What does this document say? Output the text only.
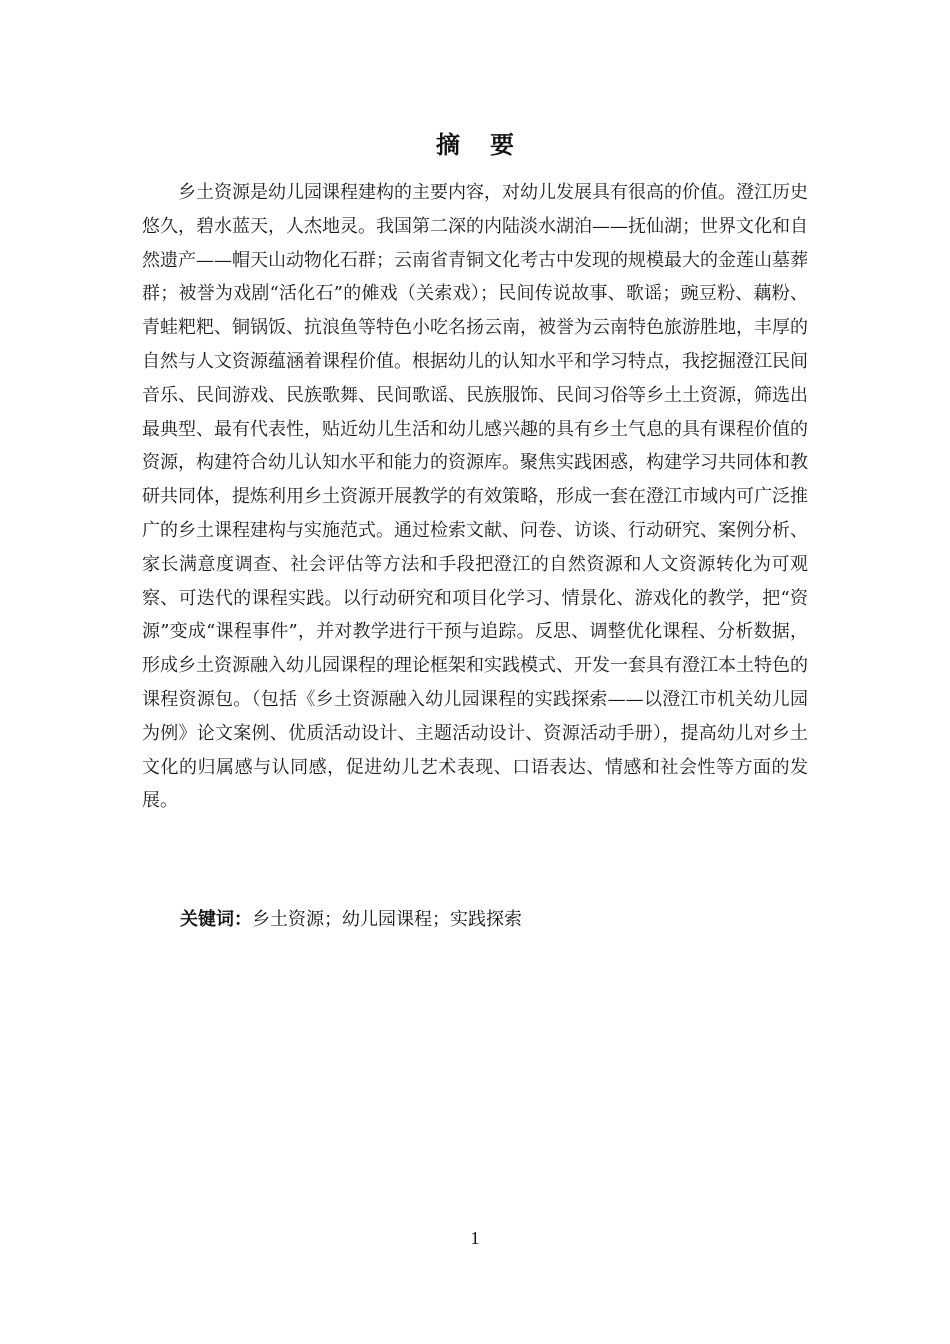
摘要

乡土资源是幼儿园课程建构的主要内容，对幼儿发展具有很高的价值。澄江历史悠久，碧水蓝天，人杰地灵。我国第二深的内陆淡水湖泊——抚仙湖；世界文化和自然遗产——帽天山动物化石群；云南省青铜文化考古中发现的规模最大的金莲山墓葬群；被誉为戏剧“活化石”的傩戏（关索戏）；民间传说故事、歌谣；豌豆粉、藕粉、青蛙粑粑、铜锅饭、抗浪鱼等特色小吃名扬云南，被誉为云南特色旅游胜地，丰厚的自然与人文资源蕴涵着课程价值。根据幼儿的认知水平和学习特点，我挖掘澄江民间音乐、民间游戏、民族歌舞、民间歌谣、民族服饰、民间习俗等乡土土资源，筛选出最典型、最有代表性，贴近幼儿生活和幼儿感兴趣的具有乡土气息的具有课程价值的资源，构建符合幼儿认知水平和能力的资源库。聚焦实践困惑，构建学习共同体和教研共同体，提炼利用乡土资源开展教学的有效策略，形成一套在澄江市域内可广泛推广的乡土课程建构与实施范式。通过检索文献、问卷、访谈、行动研究、案例分析、家长满意度调查、社会评估等方法和手段把澄江的自然资源和人文资源转化为可观察、可迭代的课程实践。以行动研究和项目化学习、情景化、游戏化的教学，把“资源”变成“课程事件”，并对教学进行干预与追踪。反思、调整优化课程、分析数据，形成乡土资源融入幼儿园课程的理论框架和实践模式、开发一套具有澄江本土特色的课程资源包。（包括《乡土资源融入幼儿园课程的实践探索——以澄江市机关幼儿园为例》论文案例、优质活动设计、主题活动设计、资源活动手册），提高幼儿对乡土文化的归属感与认同感，促进幼儿艺术表现、口语表达、情感和社会性等方面的发展。

关键词：乡土资源；幼儿园课程；实践探索
1
